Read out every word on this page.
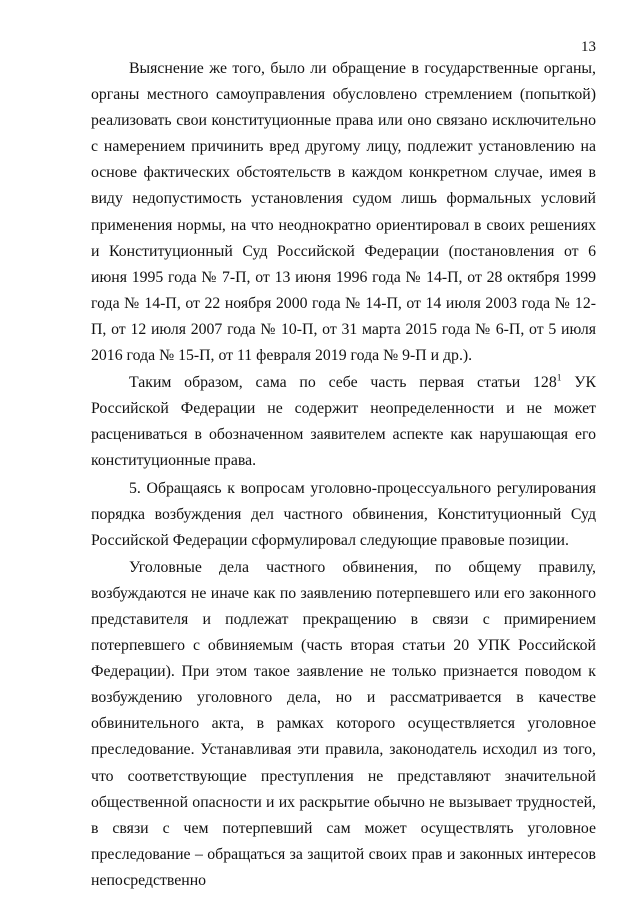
13

Выяснение же того, было ли обращение в государственные органы, органы местного самоуправления обусловлено стремлением (попыткой) реализовать свои конституционные права или оно связано исключительно с намерением причинить вред другому лицу, подлежит установлению на основе фактических обстоятельств в каждом конкретном случае, имея в виду недопустимость установления судом лишь формальных условий применения нормы, на что неоднократно ориентировал в своих решениях и Конституционный Суд Российской Федерации (постановления от 6 июня 1995 года № 7-П, от 13 июня 1996 года № 14-П, от 28 октября 1999 года № 14-П, от 22 ноября 2000 года № 14-П, от 14 июля 2003 года № 12-П, от 12 июля 2007 года № 10-П, от 31 марта 2015 года № 6-П, от 5 июля 2016 года № 15-П, от 11 февраля 2019 года № 9-П и др.).

Таким образом, сама по себе часть первая статьи $128^1$ УК Российской Федерации не содержит неопределенности и не может расцениваться в обозначенном заявителем аспекте как нарушающая его конституционные права.

5. Обращаясь к вопросам уголовно-процессуального регулирования порядка возбуждения дел частного обвинения, Конституционный Суд Российской Федерации сформулировал следующие правовые позиции.

Уголовные дела частного обвинения, по общему правилу, возбуждаются не иначе как по заявлению потерпевшего или его законного представителя и подлежат прекращению в связи с примирением потерпевшего с обвиняемым (часть вторая статьи 20 УПК Российской Федерации). При этом такое заявление не только признается поводом к возбуждению уголовного дела, но и рассматривается в качестве обвинительного акта, в рамках которого осуществляется уголовное преследование. Устанавливая эти правила, законодатель исходил из того, что соответствующие преступления не представляют значительной общественной опасности и их раскрытие обычно не вызывает трудностей, в связи с чем потерпевший сам может осуществлять уголовное преследование – обращаться за защитой своих прав и законных интересов непосредственно
